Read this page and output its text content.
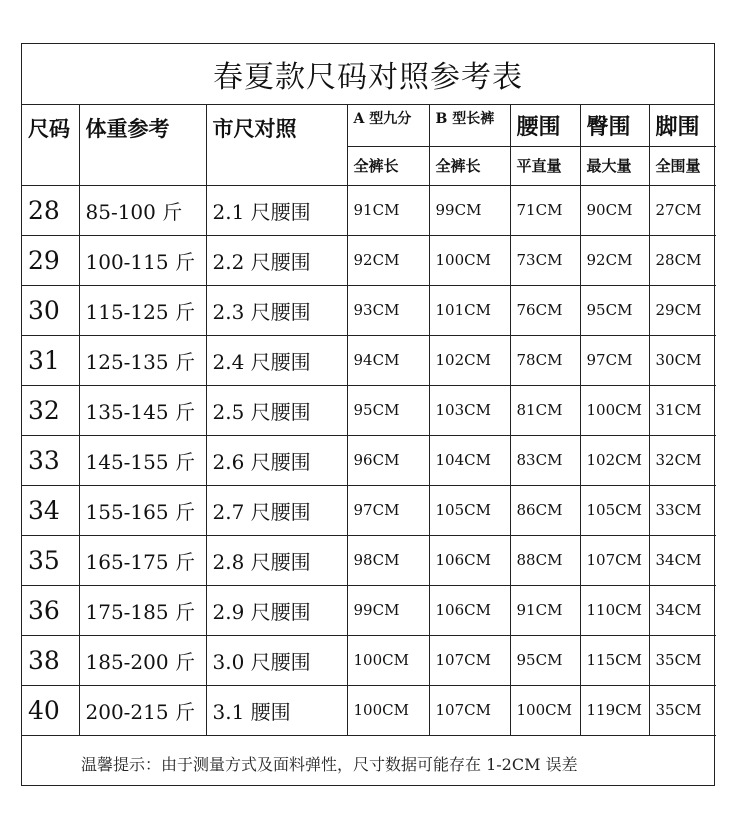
春夏款尺码对照参考表
尺码	体重参考	市尺对照	A 型九分	B 型长裤	腰围	臀围	脚围
			全裤长	全裤长	平直量	最大量	全围量
28	85-100 斤	2.1 尺腰围	91CM	99CM	71CM	90CM	27CM
29	100-115 斤	2.2 尺腰围	92CM	100CM	73CM	92CM	28CM
30	115-125 斤	2.3 尺腰围	93CM	101CM	76CM	95CM	29CM
31	125-135 斤	2.4 尺腰围	94CM	102CM	78CM	97CM	30CM
32	135-145 斤	2.5 尺腰围	95CM	103CM	81CM	100CM	31CM
33	145-155 斤	2.6 尺腰围	96CM	104CM	83CM	102CM	32CM
34	155-165 斤	2.7 尺腰围	97CM	105CM	86CM	105CM	33CM
35	165-175 斤	2.8 尺腰围	98CM	106CM	88CM	107CM	34CM
36	175-185 斤	2.9 尺腰围	99CM	106CM	91CM	110CM	34CM
38	185-200 斤	3.0 尺腰围	100CM	107CM	95CM	115CM	35CM
40	200-215 斤	3.1 腰围	100CM	107CM	100CM	119CM	35CM
温馨提示：由于测量方式及面料弹性，尺寸数据可能存在 1-2CM 误差
